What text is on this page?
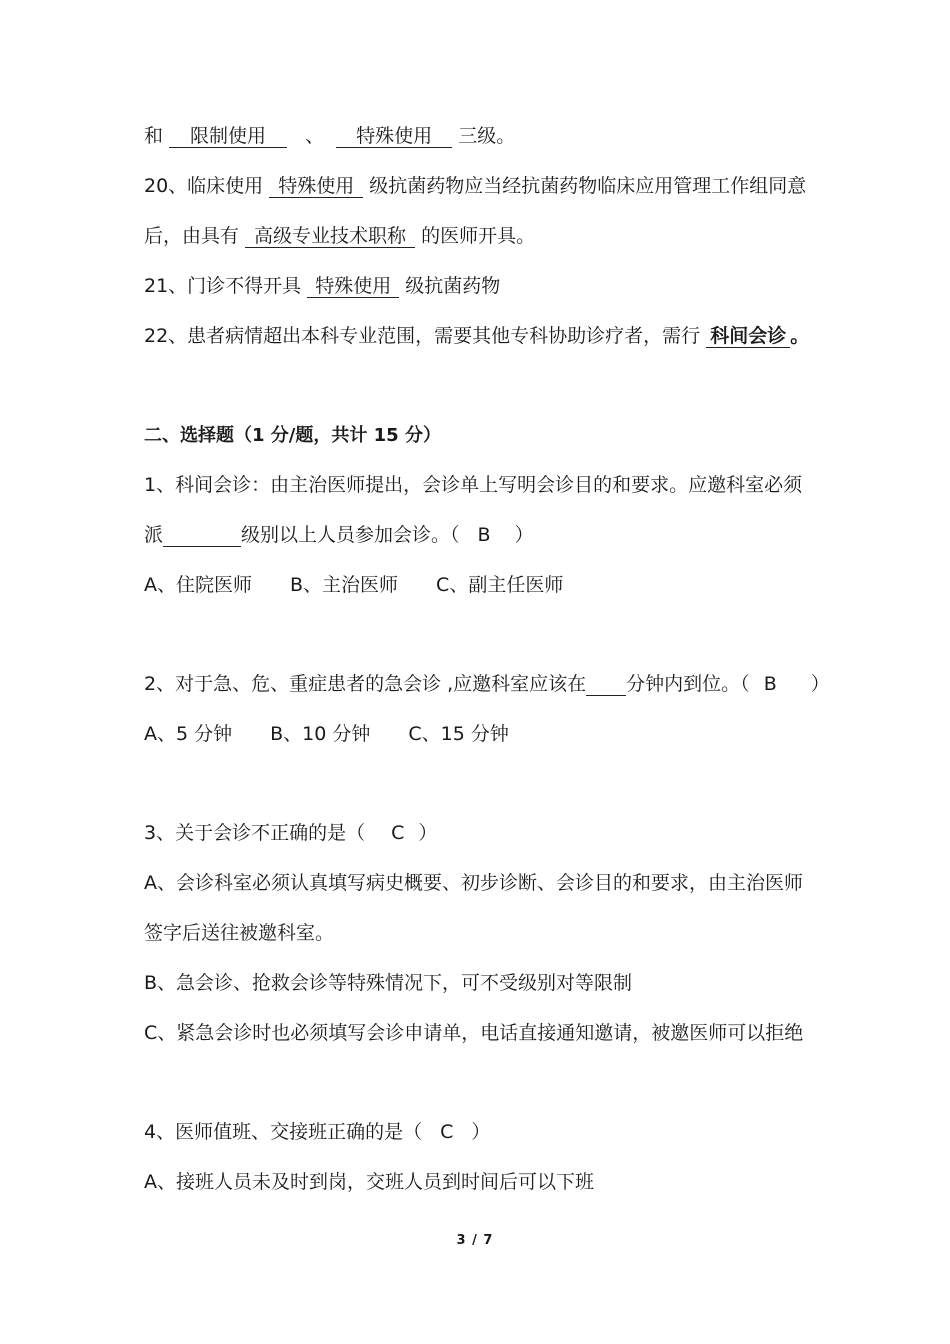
和 限制使用 、 特殊使用 三级。
20、临床使用 特殊使用 级抗菌药物应当经抗菌药物临床应用管理工作组同意
后，由具有 高级专业技术职称 的医师开具。
21、门诊不得开具 特殊使用 级抗菌药物
22、患者病情超出本科专业范围，需要其他专科协助诊疗者，需行 科间会诊 。
二、选择题（1 分/题，共计 15 分）
1、科间会诊：由主治医师提出，会诊单上写明会诊目的和要求。应邀科室必须
派	级别以上人员参加会诊。（ B ）
A、住院医师 B、主治医师 C、副主任医师
2、对于急、危、重症患者的急会诊 ,应邀科室应该在 分钟内到位。（ B ）
A、5 分钟 B、10 分钟 C、15 分钟
3、关于会诊不正确的是（ C ）
A、会诊科室必须认真填写病史概要、初步诊断、会诊目的和要求，由主治医师
签字后送往被邀科室。
B、急会诊、抢救会诊等特殊情况下，可不受级别对等限制
C、紧急会诊时也必须填写会诊申请单，电话直接通知邀请，被邀医师可以拒绝
4、医师值班、交接班正确的是（ C ）
A、接班人员未及时到岗，交班人员到时间后可以下班
3 / 7
